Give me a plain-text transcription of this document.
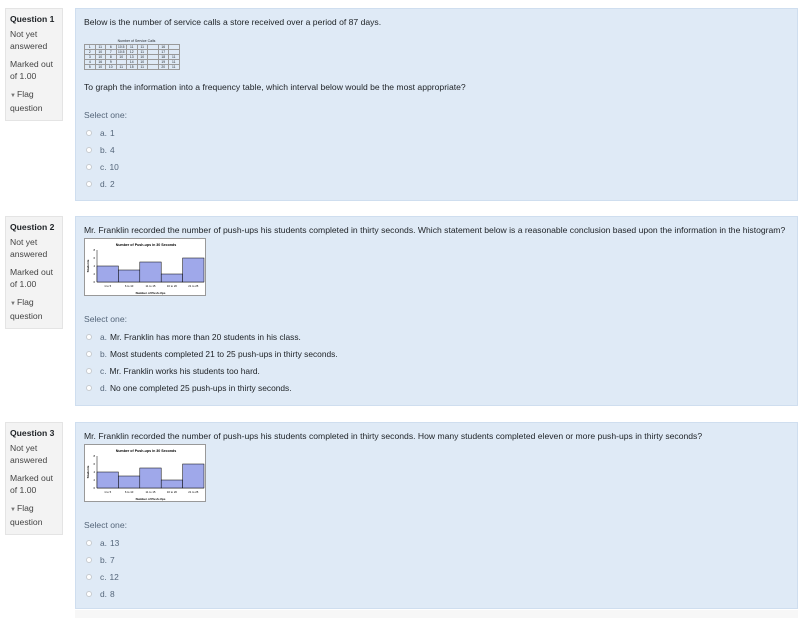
Question 1
Not yet answered
Marked out of 1.00
▼Flag question
Below is the number of service calls a store received over a period of 87 days.
Number of Service Calls
1	11	6	10.5	11	11		16	
2	10	7	10.5	12	11		17	
3	10	8	10	13	10		18	11
4	16	9		14	10		19	11
5	10	10	11	15	11		20	11
To graph the information into a frequency table, which interval below would be the most appropriate?
Select one:
a. 1
b. 4
c. 10
d. 2
Question 2
Not yet answered
Marked out of 1.00
▼Flag question
Mr. Franklin recorded the number of push-ups his students completed in thirty seconds. Which statement below is a reasonable conclusion based upon the information in the histogram?
Number of Push-ups in 30 Seconds
0
2
4
6
8
Students
1 to 5	6 to 10	11 to 15	16 to 20	21 to 25
Number of Push-Ups
Select one:
a. Mr. Franklin has more than 20 students in his class.
b. Most students completed 21 to 25 push-ups in thirty seconds.
c. Mr. Franklin works his students too hard.
d. No one completed 25 push-ups in thirty seconds.
Question 3
Not yet answered
Marked out of 1.00
▼Flag question
Mr. Franklin recorded the number of push-ups his students completed in thirty seconds. How many students completed eleven or more push-ups in thirty seconds?
Number of Push-ups in 30 Seconds
0
2
4
6
8
Students
1 to 5	6 to 10	11 to 15	16 to 20	21 to 25
Number of Push-Ups
Select one:
a. 13
b. 7
c. 12
d. 8
